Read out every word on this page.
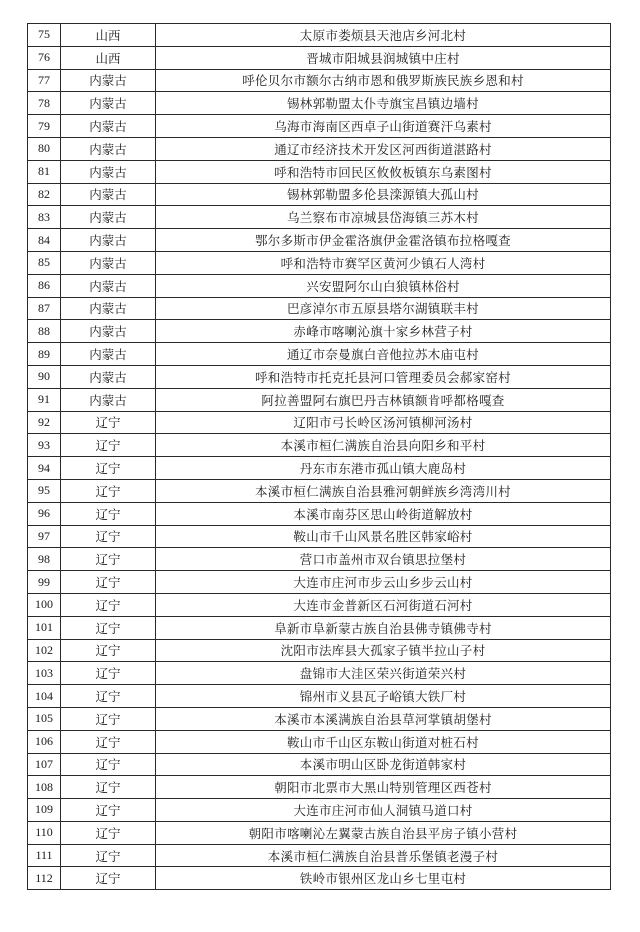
75	山西	太原市娄烦县天池店乡河北村
76	山西	晋城市阳城县润城镇中庄村
77	内蒙古	呼伦贝尔市额尔古纳市恩和俄罗斯族民族乡恩和村
78	内蒙古	锡林郭勒盟太仆寺旗宝昌镇边墙村
79	内蒙古	乌海市海南区西卓子山街道赛汗乌素村
80	内蒙古	通辽市经济技术开发区河西街道湛路村
81	内蒙古	呼和浩特市回民区攸攸板镇东乌素图村
82	内蒙古	锡林郭勒盟多伦县滦源镇大孤山村
83	内蒙古	乌兰察布市凉城县岱海镇三苏木村
84	内蒙古	鄂尔多斯市伊金霍洛旗伊金霍洛镇布拉格嘎查
85	内蒙古	呼和浩特市赛罕区黄河少镇石人湾村
86	内蒙古	兴安盟阿尔山白狼镇林俗村
87	内蒙古	巴彦淖尔市五原县塔尔湖镇联丰村
88	内蒙古	赤峰市喀喇沁旗十家乡林营子村
89	内蒙古	通辽市奈曼旗白音他拉苏木庙屯村
90	内蒙古	呼和浩特市托克托县河口管理委员会郝家窑村
91	内蒙古	阿拉善盟阿右旗巴丹吉林镇额肯呼都格嘎查
92	辽宁	辽阳市弓长岭区汤河镇柳河汤村
93	辽宁	本溪市桓仁满族自治县向阳乡和平村
94	辽宁	丹东市东港市孤山镇大鹿岛村
95	辽宁	本溪市桓仁满族自治县雅河朝鲜族乡湾湾川村
96	辽宁	本溪市南芬区思山岭街道解放村
97	辽宁	鞍山市千山风景名胜区韩家峪村
98	辽宁	营口市盖州市双台镇思拉堡村
99	辽宁	大连市庄河市步云山乡步云山村
100	辽宁	大连市金普新区石河街道石河村
101	辽宁	阜新市阜新蒙古族自治县佛寺镇佛寺村
102	辽宁	沈阳市法库县大孤家子镇半拉山子村
103	辽宁	盘锦市大洼区荣兴街道荣兴村
104	辽宁	锦州市义县瓦子峪镇大铁厂村
105	辽宁	本溪市本溪满族自治县草河掌镇胡堡村
106	辽宁	鞍山市千山区东鞍山街道对桩石村
107	辽宁	本溪市明山区卧龙街道韩家村
108	辽宁	朝阳市北票市大黑山特别管理区西苍村
109	辽宁	大连市庄河市仙人洞镇马道口村
110	辽宁	朝阳市喀喇沁左翼蒙古族自治县平房子镇小营村
111	辽宁	本溪市桓仁满族自治县普乐堡镇老漫子村
112	辽宁	铁岭市银州区龙山乡七里屯村
